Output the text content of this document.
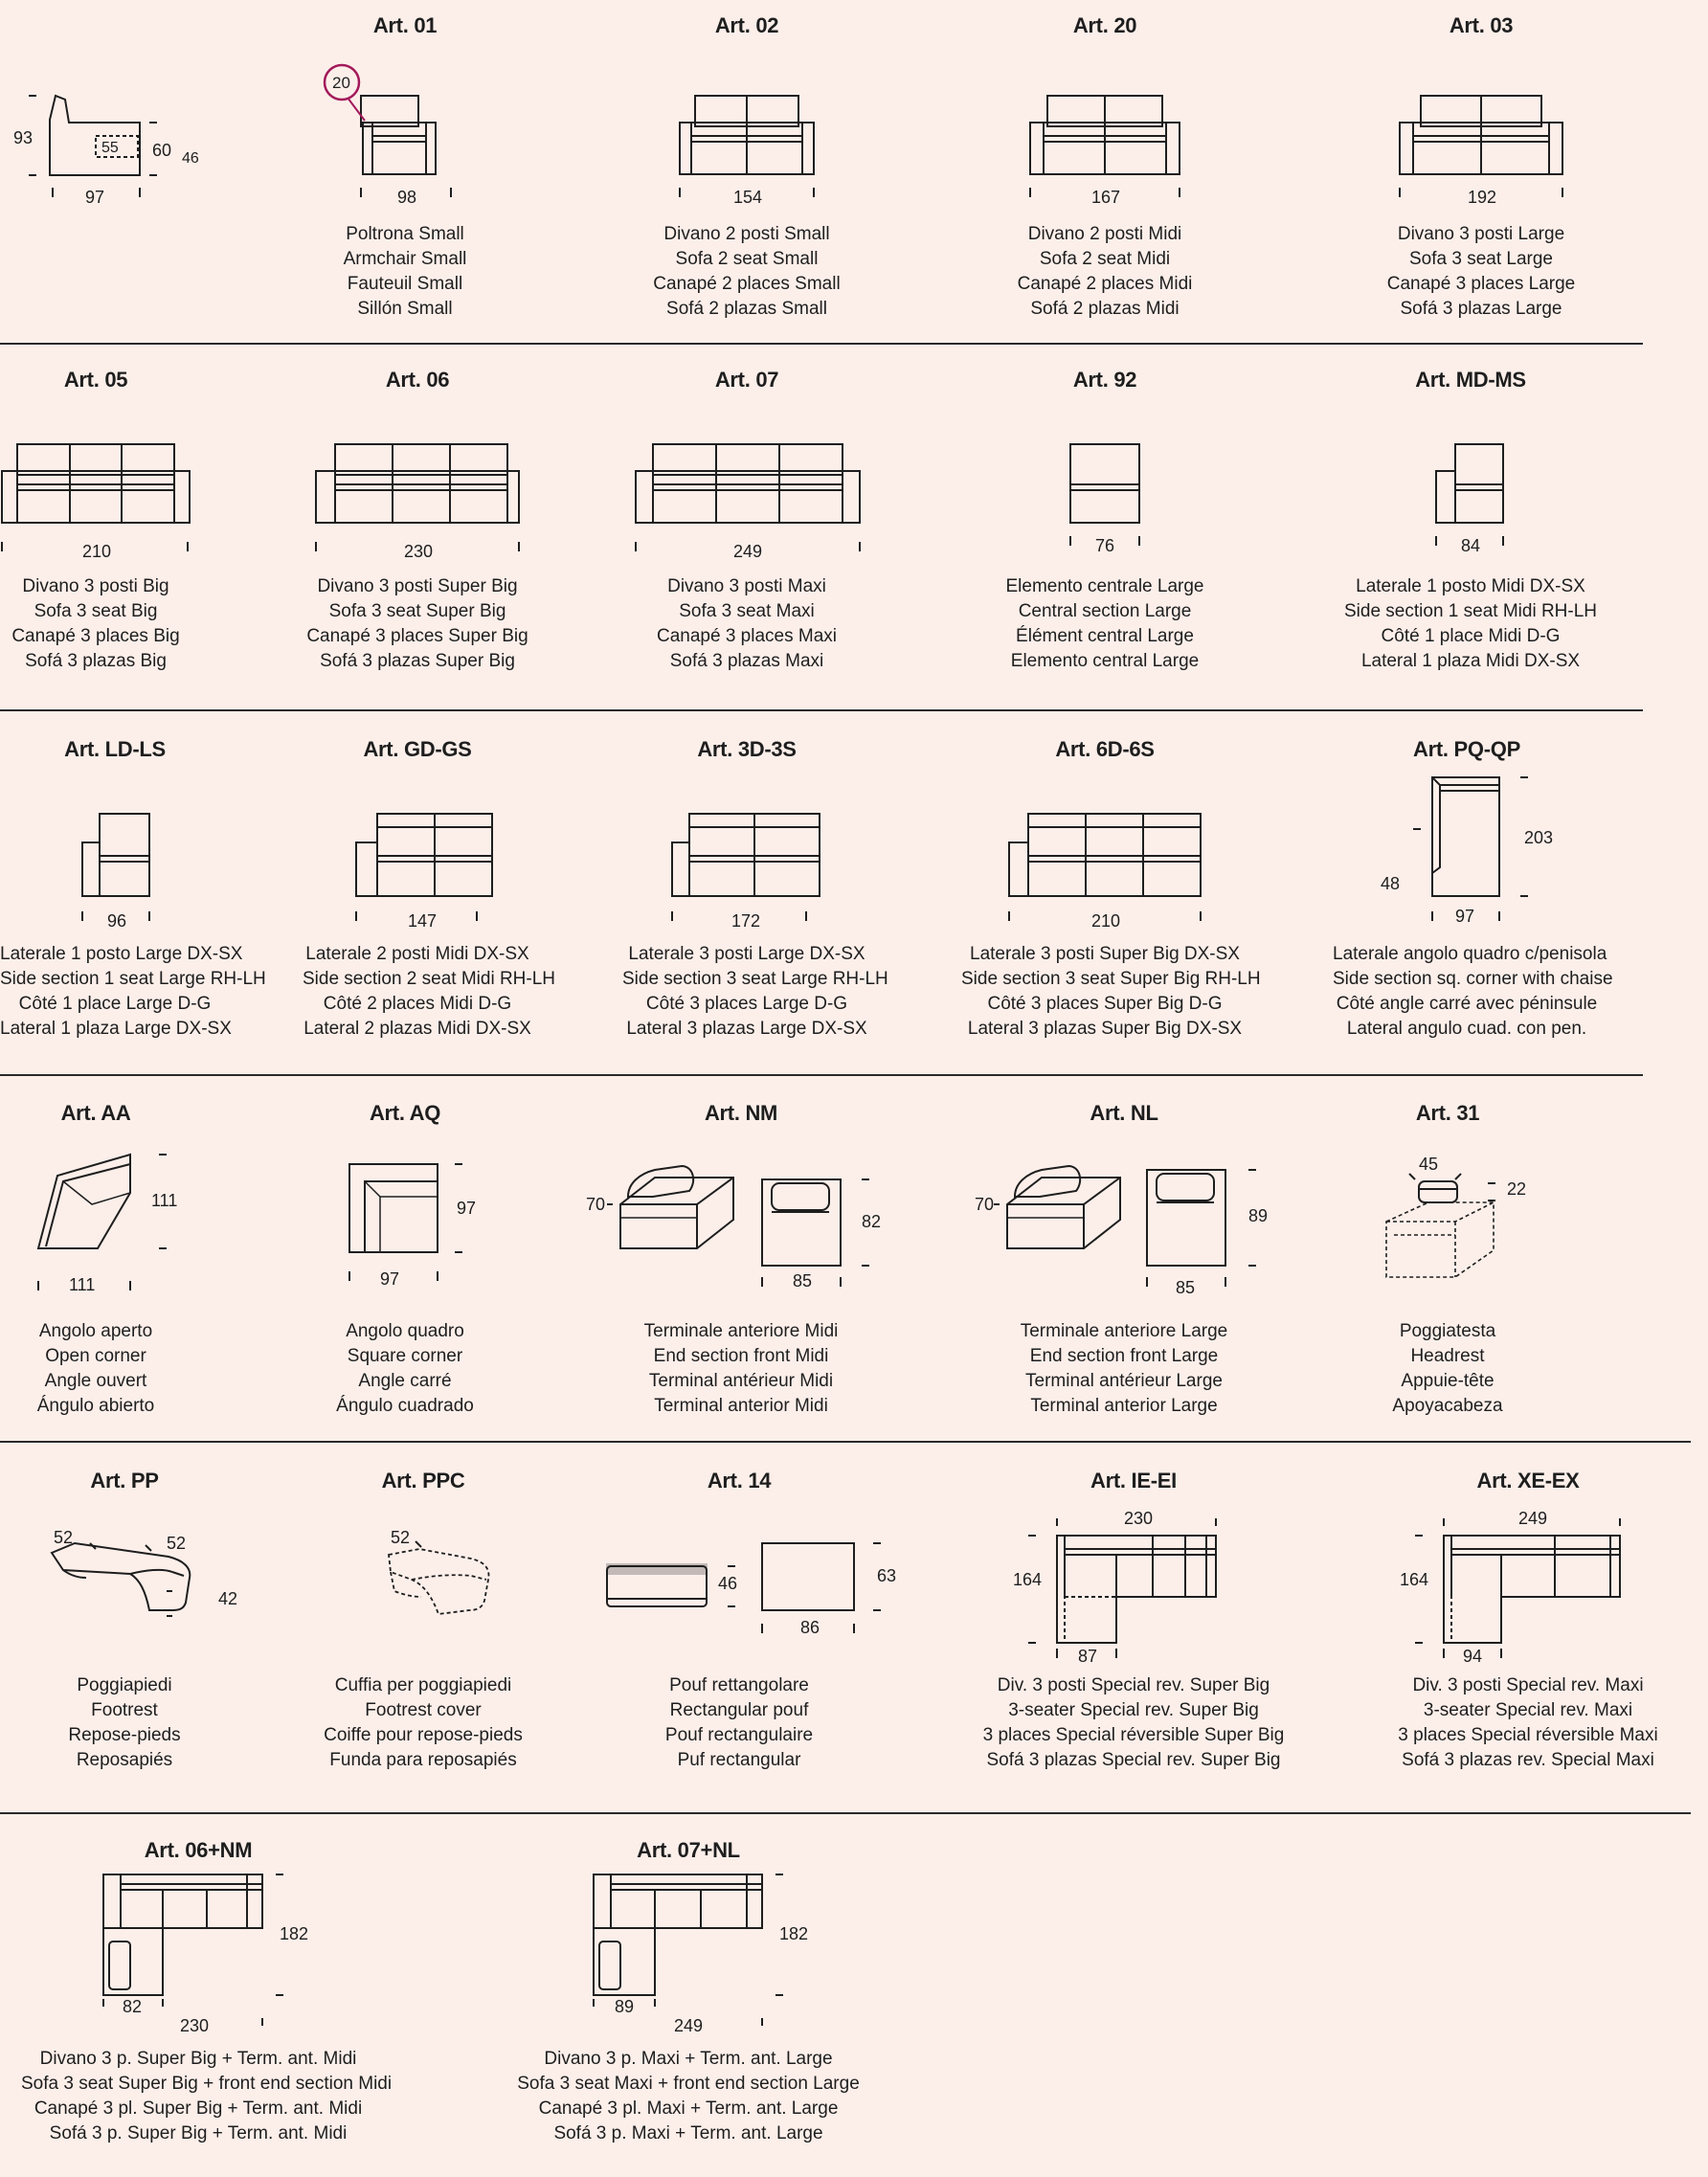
93
97
60 46
55
Art. 01
20
98
Poltrona Small
Armchair Small
Fauteuil Small
Sillón Small
Art. 02
154
Divano 2 posti Small
Sofa 2 seat Small
Canapé 2 places Small
Sofá 2 plazas Small
Art. 20
167
Divano 2 posti Midi
Sofa 2 seat Midi
Canapé 2 places Midi
Sofá 2 plazas Midi
Art. 03
192
Divano 3 posti Large
Sofa 3 seat Large
Canapé 3 places Large
Sofá 3 plazas Large
Art. 05
210
Divano 3 posti Big
Sofa 3 seat Big
Canapé 3 places Big
Sofá 3 plazas Big
Art. 06
230
Divano 3 posti Super Big
Sofa 3 seat Super Big
Canapé 3 places Super Big
Sofá 3 plazas Super Big
Art. 07
249
Divano 3 posti Maxi
Sofa 3 seat Maxi
Canapé 3 places Maxi
Sofá 3 plazas Maxi
Art. 92
76
Elemento centrale Large
Central section Large
Élément central Large
Elemento central Large
Art. MD-MS
84
Laterale 1 posto Midi DX-SX
Side section 1 seat Midi RH-LH
Côté 1 place Midi D-G
Lateral 1 plaza Midi DX-SX
Art. LD-LS
96
Laterale 1 posto Large DX-SX
Side section 1 seat Large RH-LH
Côté 1 place Large D-G
Lateral 1 plaza Large DX-SX
Art. GD-GS
147
Laterale 2 posti Midi DX-SX
Side section 2 seat Midi RH-LH
Côté 2 places Midi D-G
Lateral 2 plazas Midi DX-SX
Art. 3D-3S
172
Laterale 3 posti Large DX-SX
Side section 3 seat Large RH-LH
Côté 3 places Large D-G
Lateral 3 plazas Large DX-SX
Art. 6D-6S
210
Laterale 3 posti Super Big DX-SX
Side section 3 seat Super Big RH-LH
Côté 3 places Super Big D-G
Lateral 3 plazas Super Big DX-SX
Art. PQ-QP
203
48
97
Laterale angolo quadro c/penisola
Side section sq. corner with chaise
Côté angle carré avec péninsule
Lateral angulo cuad. con pen.
Art. AA
111
111
Angolo aperto
Open corner
Angle ouvert
Ángulo abierto
Art. AQ
97
97
Angolo quadro
Square corner
Angle carré
Ángulo cuadrado
Art. NM
70
82
85
Terminale anteriore Midi
End section front Midi
Terminal antérieur Midi
Terminal anterior Midi
Art. NL
70
89
85
Terminale anteriore Large
End section front Large
Terminal antérieur Large
Terminal anterior Large
Art. 31
45
22
Poggiatesta
Headrest
Appuie-tête
Apoyacabeza
Art. PP
52	52
42
Poggiapiedi
Footrest
Repose-pieds
Reposapiés
Art. PPC
52
Cuffia per poggiapiedi
Footrest cover
Coiffe pour repose-pieds
Funda para reposapiés
Art. 14
46	63
86
Pouf rettangolare
Rectangular pouf
Pouf rectangulaire
Puf rectangular
Art. IE-EI
230
164
87
Div. 3 posti Special rev. Super Big
3-seater Special rev. Super Big
3 places Special réversible Super Big
Sofá 3 plazas Special rev. Super Big
Art. XE-EX
249
164
94
Div. 3 posti Special rev. Maxi
3-seater Special rev. Maxi
3 places Special réversible Maxi
Sofá 3 plazas rev. Special Maxi
Art. 06+NM
182
82
230
Divano 3 p. Super Big + Term. ant. Midi
Sofa 3 seat Super Big + front end section Midi
Canapé 3 pl. Super Big + Term. ant. Midi
Sofá 3 p. Super Big + Term. ant. Midi
Art. 07+NL
182
89
249
Divano 3 p. Maxi + Term. ant. Large
Sofa 3 seat Maxi + front end section Large
Canapé 3 pl. Maxi + Term. ant. Large
Sofá 3 p. Maxi + Term. ant. Large
